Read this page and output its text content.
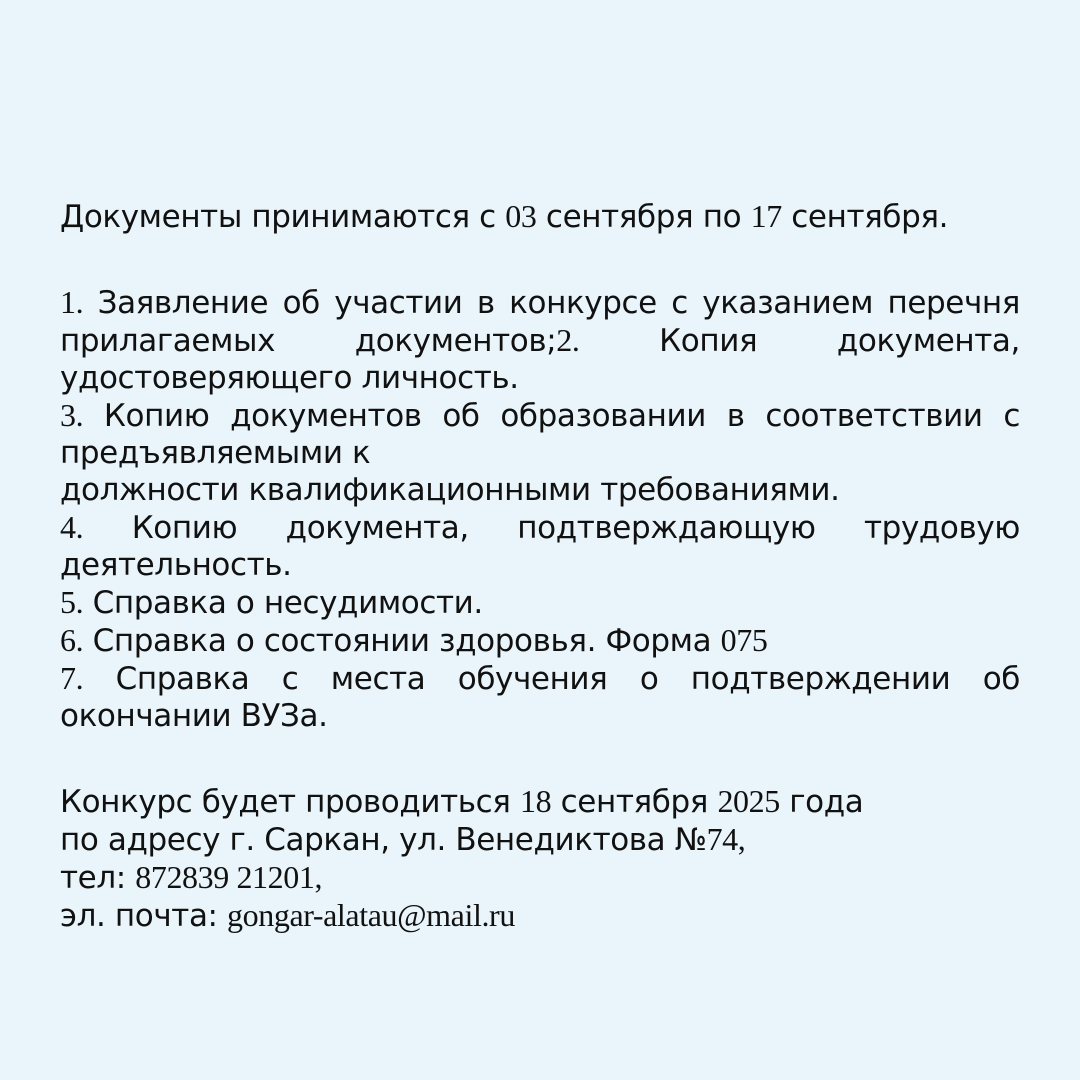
Документы принимаются с 03 сентября по 17 сентября.

1. Заявление об участии в конкурсе с указанием перечня прилагаемых документов;2. Копия документа, удостоверяющего личность.

3. Копию документов об образовании в соответствии с предъявляемыми к

должности квалификационными требованиями.

4. Копию документа, подтверждающую трудовую деятельность.

5. Справка о несудимости.

6. Справка о состоянии здоровья. Форма 075

7. Справка с места обучения о подтверждении об окончании ВУЗа.

Конкурс будет проводиться 18 сентября 2025 года

по адресу г. Саркан, ул. Венедиктова №74,

тел: 872839 21201,

эл. почта: gongar-alatau@mail.ru
